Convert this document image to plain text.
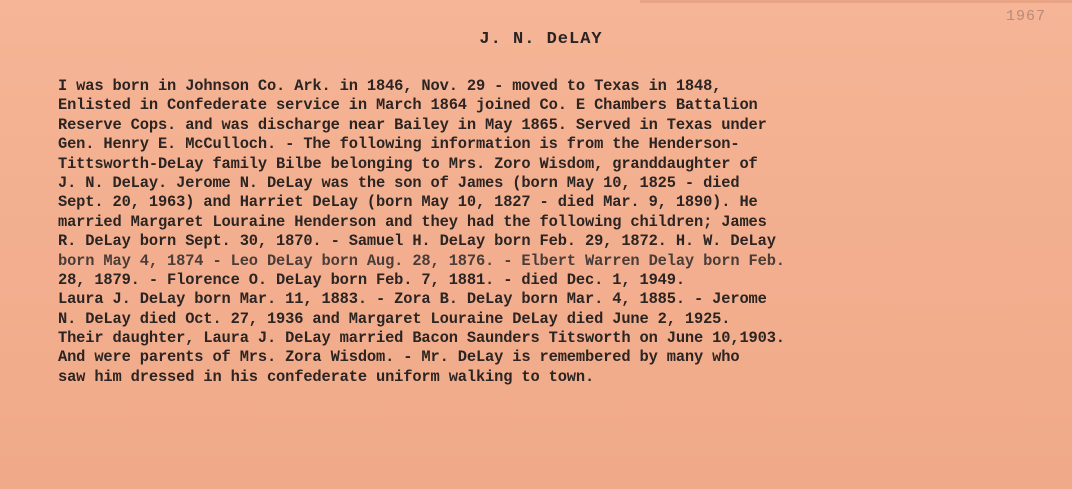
1967
J. N. DeLAY
I was born in Johnson Co. Ark. in 1846, Nov. 29 - moved to Texas in 1848,
Enlisted in Confederate service in March 1864 joined Co. E Chambers Battalion
Reserve Cops. and was discharge near Bailey in May 1865. Served in Texas under
Gen. Henry E. McCulloch. - The following information is from the Henderson-
Tittsworth-DeLay family Bilbe belonging to Mrs. Zoro Wisdom, granddaughter of
J. N. DeLay. Jerome N. DeLay was the son of James (born May 10, 1825 - died
Sept. 20, 1963) and Harriet DeLay (born May 10, 1827 - died Mar. 9, 1890). He
married Margaret Louraine Henderson and they had the following children; James
R. DeLay born Sept. 30, 1870. - Samuel H. DeLay born Feb. 29, 1872. H. W. DeLay
born May 4, 1874 - Leo DeLay born Aug. 28, 1876. - Elbert Warren Delay born Feb.
28, 1879. - Florence O. DeLay born Feb. 7, 1881. - died Dec. 1, 1949.
Laura J. DeLay born Mar. 11, 1883. - Zora B. DeLay born Mar. 4, 1885. - Jerome
N. DeLay died Oct. 27, 1936 and Margaret Louraine DeLay died June 2, 1925.
Their daughter, Laura J. DeLay married Bacon Saunders Titsworth on June 10,1903.
And were parents of Mrs. Zora Wisdom. - Mr. DeLay is remembered by many who
saw him dressed in his confederate uniform walking to town.
